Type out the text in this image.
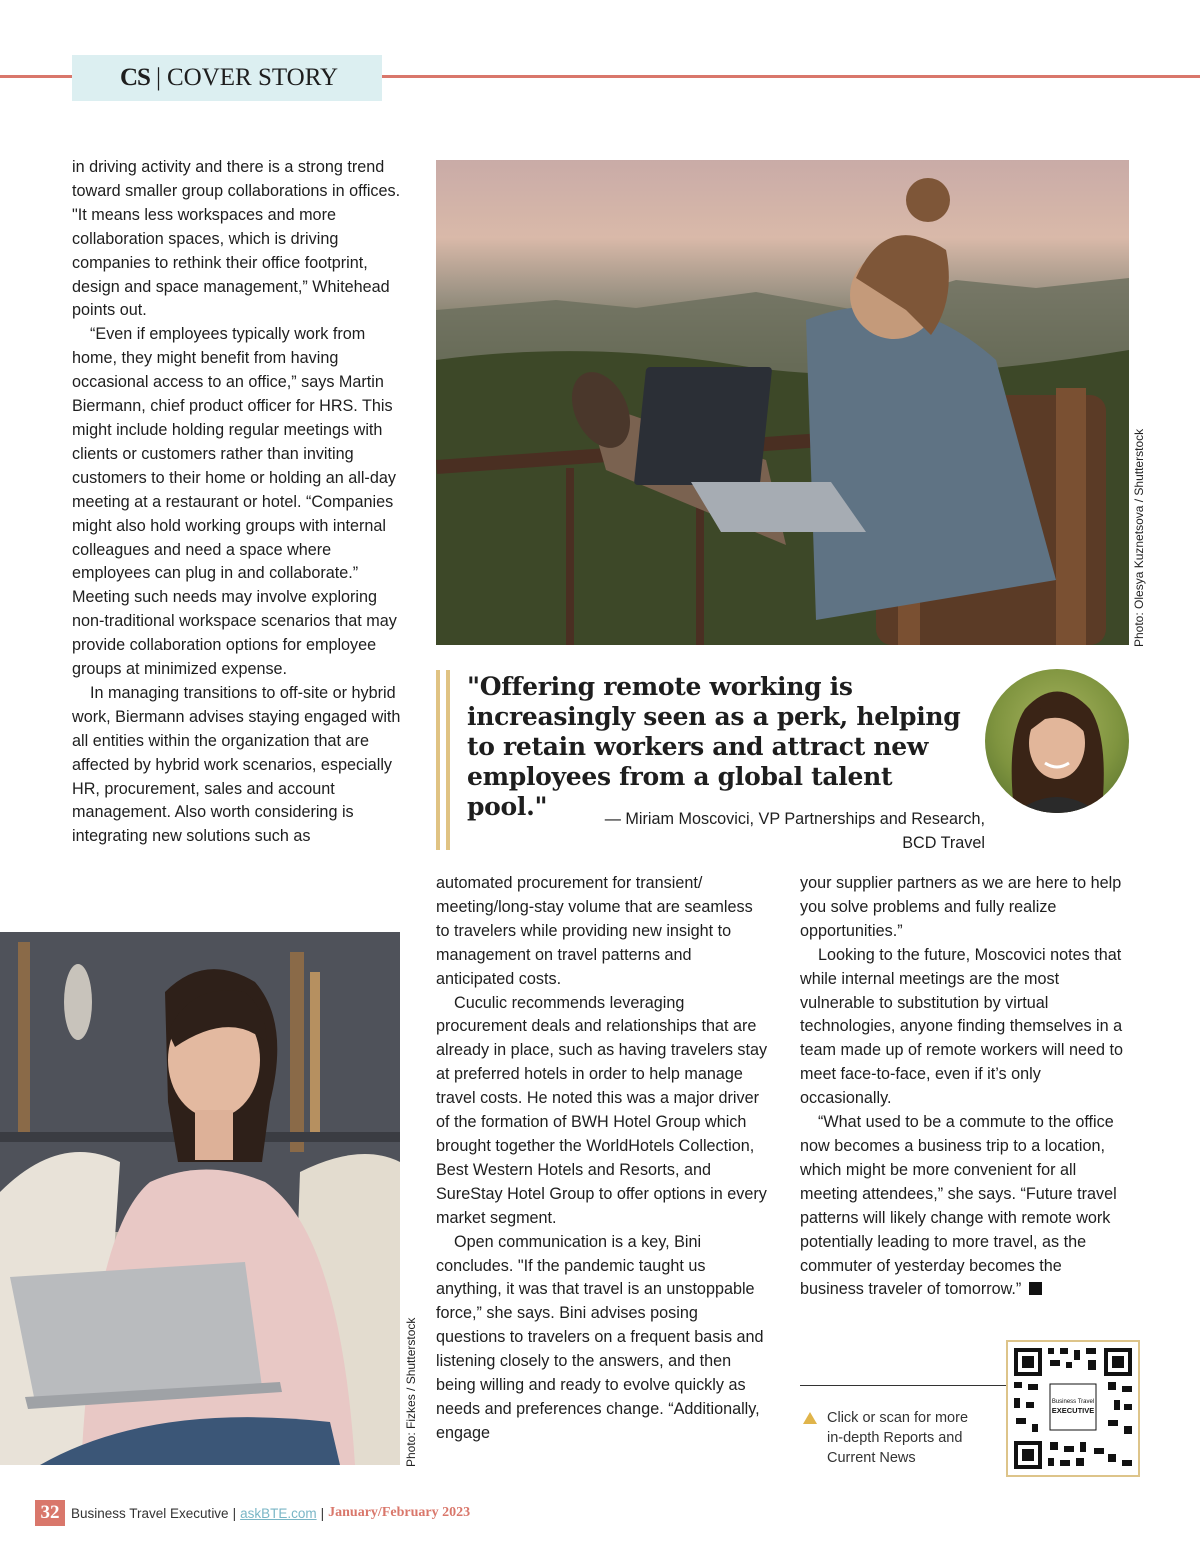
CS | COVER STORY

in driving activity and there is a strong trend toward smaller group collaborations in offices. "It means less workspaces and more collaboration spaces, which is driving companies to rethink their office footprint, design and space management,” Whitehead points out.

“Even if employees typically work from home, they might benefit from having occasional access to an office,” says Martin Biermann, chief product officer for HRS. This might include holding regular meetings with clients or customers rather than inviting customers to their home or holding an all-day meeting at a restaurant or hotel. “Companies might also hold working groups with internal colleagues and need a space where employees can plug in and collaborate.” Meeting such needs may involve exploring non-traditional workspace scenarios that may provide collaboration options for employee groups at minimized expense.

In managing transitions to off-site or hybrid work, Biermann advises staying engaged with all entities within the organization that are affected by hybrid work scenarios, especially HR, procurement, sales and account management. Also worth considering is integrating new solutions such as

Photo: Olesya Kuznetsova / Shutterstock

"Offering remote working is increasingly seen as a perk, helping to retain workers and attract new employees from a global talent pool."	— Miriam Moscovici, VP Partnerships and Research,
BCD Travel

automated procurement for transient/ meeting/long-stay volume that are seamless to travelers while providing new insight to management on travel patterns and anticipated costs.

Cuculic recommends leveraging procurement deals and relationships that are already in place, such as having travelers stay at preferred hotels in order to help manage travel costs. He noted this was a major driver of the formation of BWH Hotel Group which brought together the WorldHotels Collection, Best Western Hotels and Resorts, and SureStay Hotel Group to offer options in every market segment.

Open communication is a key, Bini concludes. "If the pandemic taught us anything, it was that travel is an unstoppable force,” she says. Bini advises posing questions to travelers on a frequent basis and listening closely to the answers, and then being willing and ready to evolve quickly as needs and preferences change. “Additionally, engage

your supplier partners as we are here to help you solve problems and fully realize opportunities.”

Looking to the future, Moscovici notes that while internal meetings are the most vulnerable to substitution by virtual technologies, anyone finding themselves in a team made up of remote workers will need to meet face-to-face, even if it’s only occasionally.

“What used to be a commute to the office now becomes a business trip to a location, which might be more convenient for all meeting attendees,” she says. “Future travel patterns will likely change with remote work potentially leading to more travel, as the commuter of yesterday becomes the business traveler of tomorrow.”

Photo: Fizkes / Shutterstock	Click or scan for more in-depth Reports and Current News
Business Travel
EXECUTIVE
32 Business Travel Executive | askBTE.com | January/February 2023
